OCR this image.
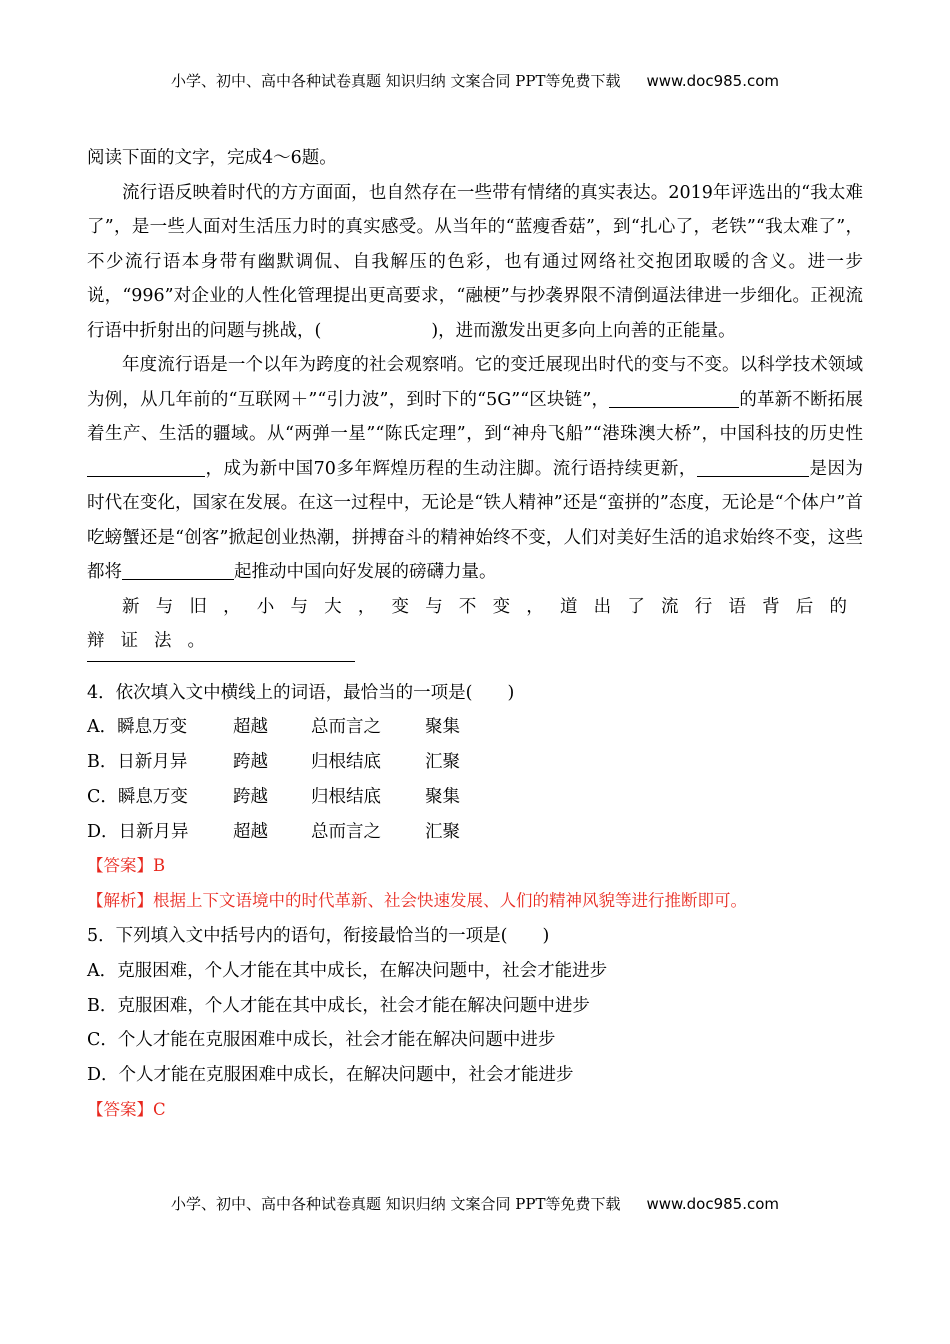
小学、初中、高中各种试卷真题 知识归纳 文案合同 PPT等免费下载 www.doc985.com
阅读下面的文字，完成4～6题。

流行语反映着时代的方方面面，也自然存在一些带有情绪的真实表达。2019年评选出的“我太难了”，是一些人面对生活压力时的真实感受。从当年的“蓝瘦香菇”，到“扎心了，老铁”“我太难了”，不少流行语本身带有幽默调侃、自我解压的色彩，也有通过网络社交抱团取暖的含义。进一步说，“996”对企业的人性化管理提出更高要求，“融梗”与抄袭界限不清倒逼法律进一步细化。正视流行语中折射出的问题与挑战，(	)，进而激发出更多向上向善的正能量。

年度流行语是一个以年为跨度的社会观察哨。它的变迁展现出时代的变与不变。以科学技术领域为例，从几年前的“互联网＋”“引力波”，到时下的“5G”“区块链”，	的革新不断拓展着生产、生活的疆域。从“两弹一星”“陈氏定理”，到“神舟飞船”“港珠澳大桥”，中国科技的历史性，成为新中国70多年辉煌历程的生动注脚。流行语持续更新，	是因为时代在变化，国家在发展。在这一过程中，无论是“铁人精神”还是“蛮拼的”态度，无论是“个体户”首吃螃蟹还是“创客”掀起创业热潮，拼搏奋斗的精神始终不变，人们对美好生活的追求始终不变，这些都将	起推动中国向好发展的磅礴力量。

新与旧，小与大，变与不变，道出了流行语背后的辩证法。

4．依次填入文中横线上的词语，最恰当的一项是(　　)
A．瞬息万变	超越 总而言之	聚集
B．日新月异	跨越 归根结底	汇聚
C．瞬息万变	跨越 归根结底	聚集
D．日新月异	超越 总而言之	汇聚
【答案】B
【解析】根据上下文语境中的时代革新、社会快速发展、人们的精神风貌等进行推断即可。
5．下列填入文中括号内的语句，衔接最恰当的一项是(　　)
A．克服困难，个人才能在其中成长，在解决问题中，社会才能进步
B．克服困难，个人才能在其中成长，社会才能在解决问题中进步
C．个人才能在克服困难中成长，社会才能在解决问题中进步
D．个人才能在克服困难中成长，在解决问题中，社会才能进步
【答案】C
小学、初中、高中各种试卷真题 知识归纳 文案合同 PPT等免费下载 www.doc985.com
